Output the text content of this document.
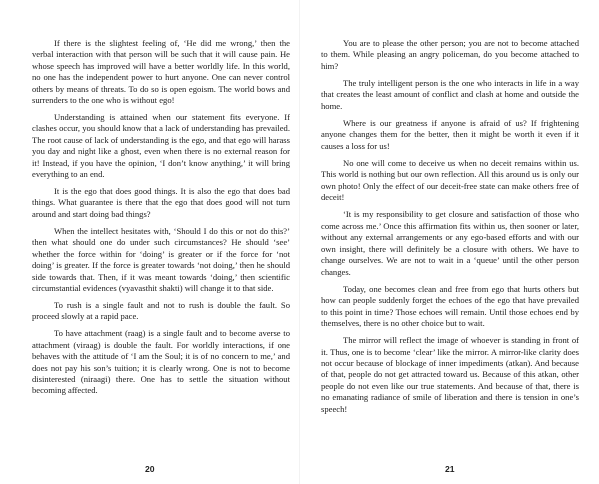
If there is the slightest feeling of, ‘He did me wrong,’ then the verbal interaction with that person will be such that it will cause pain. He whose speech has improved will have a better worldly life. In this world, no one has the independent power to hurt anyone. One can never control others by means of threats. To do so is open egoism. The world bows and surrenders to the one who is without ego!

Understanding is attained when our statement fits everyone. If clashes occur, you should know that a lack of understanding has prevailed. The root cause of lack of understanding is the ego, and that ego will harass you day and night like a ghost, even when there is no external reason for it! Instead, if you have the opinion, ‘I don’t know anything,’ it will bring everything to an end.

It is the ego that does good things. It is also the ego that does bad things. What guarantee is there that the ego that does good will not turn around and start doing bad things?

When the intellect hesitates with, ‘Should I do this or not do this?’ then what should one do under such circumstances? He should ‘see’ whether the force within for ‘doing’ is greater or if the force for ‘not doing’ is greater. If the force is greater towards ‘not doing,’ then he should side towards that. Then, if it was meant towards ‘doing,’ then scientific circumstantial evidences (vyavasthit shakti) will change it to that side.

To rush is a single fault and not to rush is double the fault. So proceed slowly at a rapid pace.

To have attachment (raag) is a single fault and to become averse to attachment (viraag) is double the fault. For worldly interactions, if one behaves with the attitude of ‘I am the Soul; it is of no concern to me,’ and does not pay his son’s tuition; it is clearly wrong. One is not to become disinterested (niraagi) there. One has to settle the situation without becoming affected.

20

You are to please the other person; you are not to become attached to them. While pleasing an angry policeman, do you become attached to him?

The truly intelligent person is the one who interacts in life in a way that creates the least amount of conflict and clash at home and outside the home.

Where is our greatness if anyone is afraid of us? If frightening anyone changes them for the better, then it might be worth it even if it causes a loss for us!

No one will come to deceive us when no deceit remains within us. This world is nothing but our own reflection. All this around us is only our own photo! Only the effect of our deceit-free state can make others free of deceit!

‘It is my responsibility to get closure and satisfaction of those who come across me.’ Once this affirmation fits within us, then sooner or later, without any external arrangements or any ego-based efforts and with our own insight, there will definitely be a closure with others. We have to change ourselves. We are not to wait in a ‘queue’ until the other person changes.

Today, one becomes clean and free from ego that hurts others but how can people suddenly forget the echoes of the ego that have prevailed to this point in time? Those echoes will remain. Until those echoes end by themselves, there is no other choice but to wait.

The mirror will reflect the image of whoever is standing in front of it. Thus, one is to become ‘clear’ like the mirror. A mirror-like clarity does not occur because of blockage of inner impediments (atkan). And because of that, people do not get attracted toward us. Because of this atkan, other people do not even like our true statements. And because of that, there is no emanating radiance of smile of liberation and there is tension in one’s speech!

21
